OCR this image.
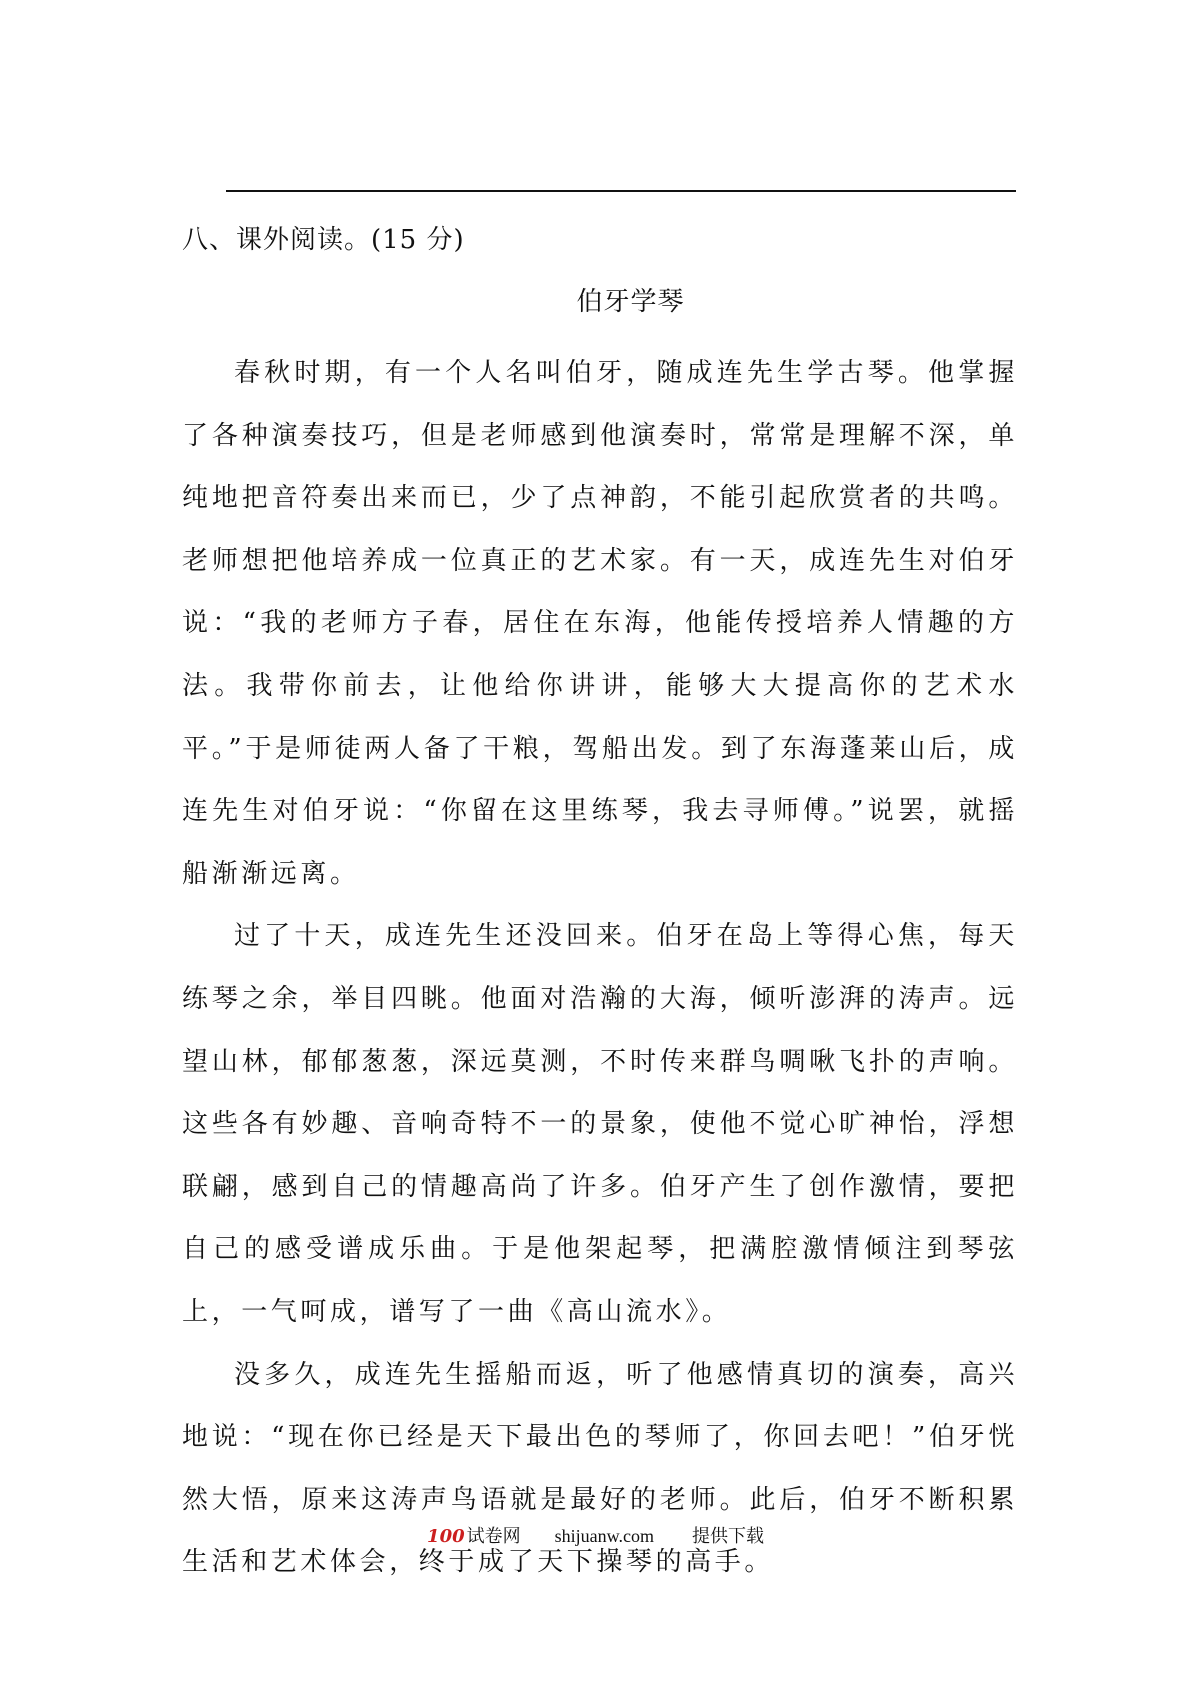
八、课外阅读。(15 分)
伯牙学琴

春秋时期，有一个人名叫伯牙，随成连先生学古琴。他掌握了各种演奏技巧，但是老师感到他演奏时，常常是理解不深，单纯地把音符奏出来而已，少了点神韵，不能引起欣赏者的共鸣。老师想把他培养成一位真正的艺术家。有一天，成连先生对伯牙说：“我的老师方子春，居住在东海，他能传授培养人情趣的方法。我带你前去，让他给你讲讲，能够大大提高你的艺术水平。”于是师徒两人备了干粮，驾船出发。到了东海蓬莱山后，成连先生对伯牙说：“你留在这里练琴，我去寻师傅。”说罢，就摇船渐渐远离。

过了十天，成连先生还没回来。伯牙在岛上等得心焦，每天练琴之余，举目四眺。他面对浩瀚的大海，倾听澎湃的涛声。远望山林，郁郁葱葱，深远莫测，不时传来群鸟啁啾飞扑的声响。这些各有妙趣、音响奇特不一的景象，使他不觉心旷神怡，浮想联翩，感到自己的情趣高尚了许多。伯牙产生了创作激情，要把自己的感受谱成乐曲。于是他架起琴，把满腔激情倾注到琴弦上，一气呵成，谱写了一曲《高山流水》。

没多久，成连先生摇船而返，听了他感情真切的演奏，高兴地说：“现在你已经是天下最出色的琴师了，你回去吧！”伯牙恍然大悟，原来这涛声鸟语就是最好的老师。此后，伯牙不断积累生活和艺术体会，终于成了天下操琴的高手。

100 试卷网 shijuanw.com 提供下载
